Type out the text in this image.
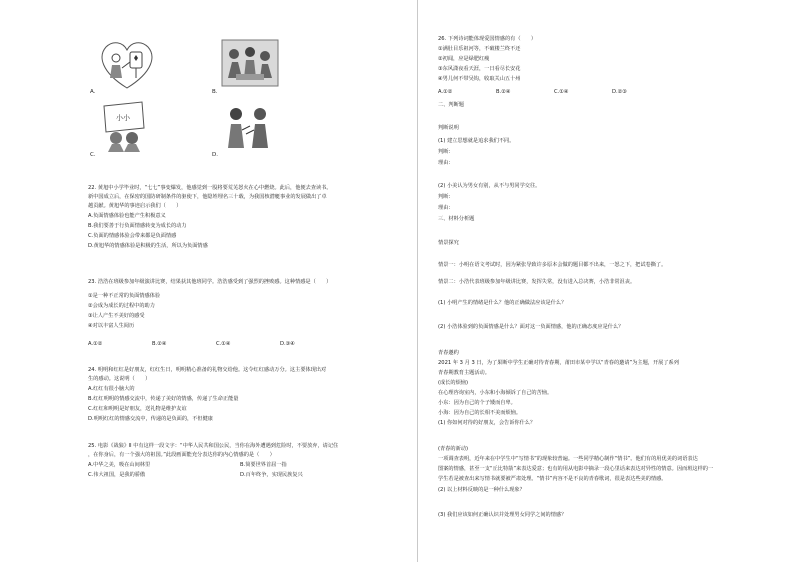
A.	B.
小小
C.	D.
22. 黄旭中小学毕业时，“七七”事变爆发，他感觉到一股将要荒芜怒火在心中燃烧。此后，他便去查读书。
新中国成立后，在保密的国防研制条件的驱使下，他隐姓埋名三十载，为我国核潜艇事业的发展做出了卓
越贡献。黄旭华的事迹启示我们（　　）
A.负面情感体验也能产生积极意义
B.我们要善于行负面情感转变为成长的动力
C.负面的情感体验会带来都是负面情感
D.黄旭华的情感体验是积极的生活，所以为负面情感
23. 浩浩在班级参加年级演讲比赛，结果获其他班同学。浩浩感受到了强烈的挫败感。这种情感是（　　）
①是一种不正常的负面情感体验
②会成为成长的过程中的助力
③让人产生不美好的感受
④对以丰富人生阅历
A.①②	B.②④	C.①④	D.③④
24. 明明和红红是好朋友，红红生日，明明精心准备的礼物交给他。这令红红感动万分。这主要体现出对
生的感动。这说明（　　）
A.红红有很小脑大的
B.红红明明的情感交流中，传递了美好的情感，传递了生命正能量
C.红红和明明是好朋友，送礼物是维护友谊
D.明明红红的情感交流中，传递的是负面的，不但健康
25. 电影《战狼》Ⅱ 中有这样一段文字：“中华人民共和国公民，当你在海外遭遇到危险时，不要放弃，请记住
，在你身后，有一个强大的祖国。”此段画面能充分表达你的内心情感的是（　　）
A.中华之美，吸在山间林里	B.简要世界首屈一指
C.伟大祖国，是我的骄傲	D.百年终争，实现民族复兴
26. 下列诗词能体现爱国情感的有（　　）
①满肚目乐祖河等，不破楼兰终不还
②初闻，应是绿肥红瘦
③东风潇夜看天涯，一日看尽长安花
④男儿何不带吴钩，收取关山五十州
A.①②	B.②④	C.①④	D.②③
二、判断题
判断说明
(1) 建立思想就是追求我们不同。
判断：
理由：
(2) 小美认为男女有别，从不与男同学交往。
判断：
理由：
三、材料分析题
情景探究
情景一：小明在语文考试时，因为紧张导致许多原本会做的题目都不出来，一怒之下，把试卷撕了。
情景二：小浩代表班级参加年级讲比赛，发挥失常，没有进入总决赛，小浩非常沮丧。
(1) 小明产生的情绪是什么？他的正确做法应该是什么？
(2) 小浩体验到的负面情感是什么？面对这一负面情感，他的正确态度应是什么？
青春邀约
2021 年 3 月 3 日，为了果断中学生正确对待青春期，莆田市某中学以“青春的邀请”为主题，开展了系列
青春期教育主题活动。
(成长的烦恼)
在心理咨询室内，小东和小海倾诉了自己的苦恼。
小东：因为自己的个子矮而自卑。
小海：因为自己的长相不美而烦恼。
(1) 你如何对待的好朋友，会告诉你什么？
(青春的新动)
一项调查表明，近年来在中学生中“写情书”的现象较普遍。一些同学精心制作“情书”。他们有的用优美的词语表达
图案的情感，甚至一支“丘比特箭”来表达爱意；也有的用从电影中摘录一段心里话来表达对异性的情意。因而班这样的一
学生若是被查出来写情书就要被严肃处理。“情书”内容不是不良的青春歌词，很是表达些美的情感。
(2) 以上材料反映的是一种什么现象？
(3) 我们应该如何正确认识并处理男女同学之间的情感？
